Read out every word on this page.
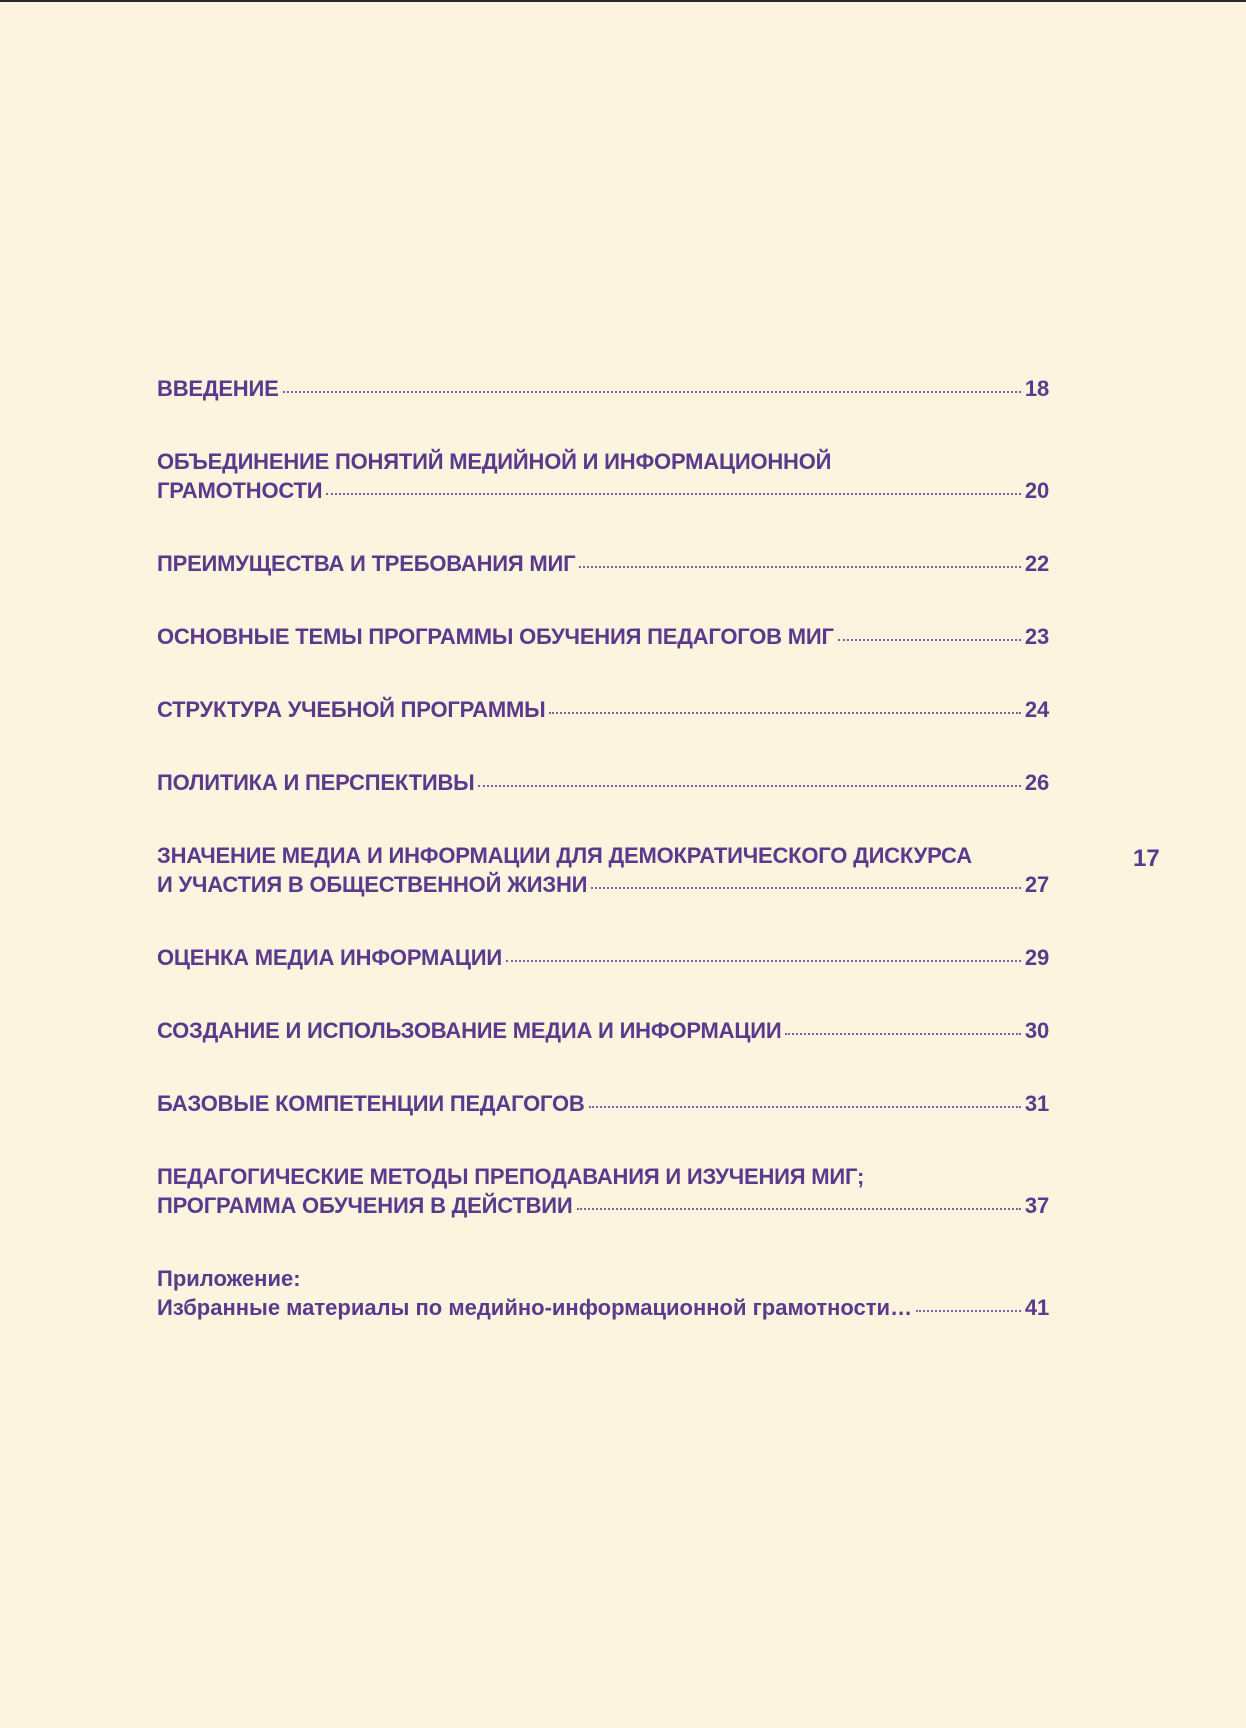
ВВЕДЕНИЕ	18
ОБЪЕДИНЕНИЕ ПОНЯТИЙ МЕДИЙНОЙ И ИНФОРМАЦИОННОЙ
ГРАМОТНОСТИ	20
ПРЕИМУЩЕСТВА И ТРЕБОВАНИЯ МИГ	22
ОСНОВНЫЕ ТЕМЫ ПРОГРАММЫ ОБУЧЕНИЯ ПЕДАГОГОВ МИГ	23
СТРУКТУРА УЧЕБНОЙ ПРОГРАММЫ	24
ПОЛИТИКА И ПЕРСПЕКТИВЫ	26
ЗНАЧЕНИЕ МЕДИА И ИНФОРМАЦИИ ДЛЯ ДЕМОКРАТИЧЕСКОГО ДИСКУРСА
И УЧАСТИЯ В ОБЩЕСТВЕННОЙ ЖИЗНИ	27
ОЦЕНКА МЕДИА ИНФОРМАЦИИ	29
СОЗДАНИЕ И ИСПОЛЬЗОВАНИЕ МЕДИА И ИНФОРМАЦИИ	30
БАЗОВЫЕ КОМПЕТЕНЦИИ ПЕДАГОГОВ	31
ПЕДАГОГИЧЕСКИЕ МЕТОДЫ ПРЕПОДАВАНИЯ И ИЗУЧЕНИЯ МИГ;
ПРОГРАММА ОБУЧЕНИЯ В ДЕЙСТВИИ	37
Приложение:
Избранные материалы по медийно-информационной грамотности…	41
17
